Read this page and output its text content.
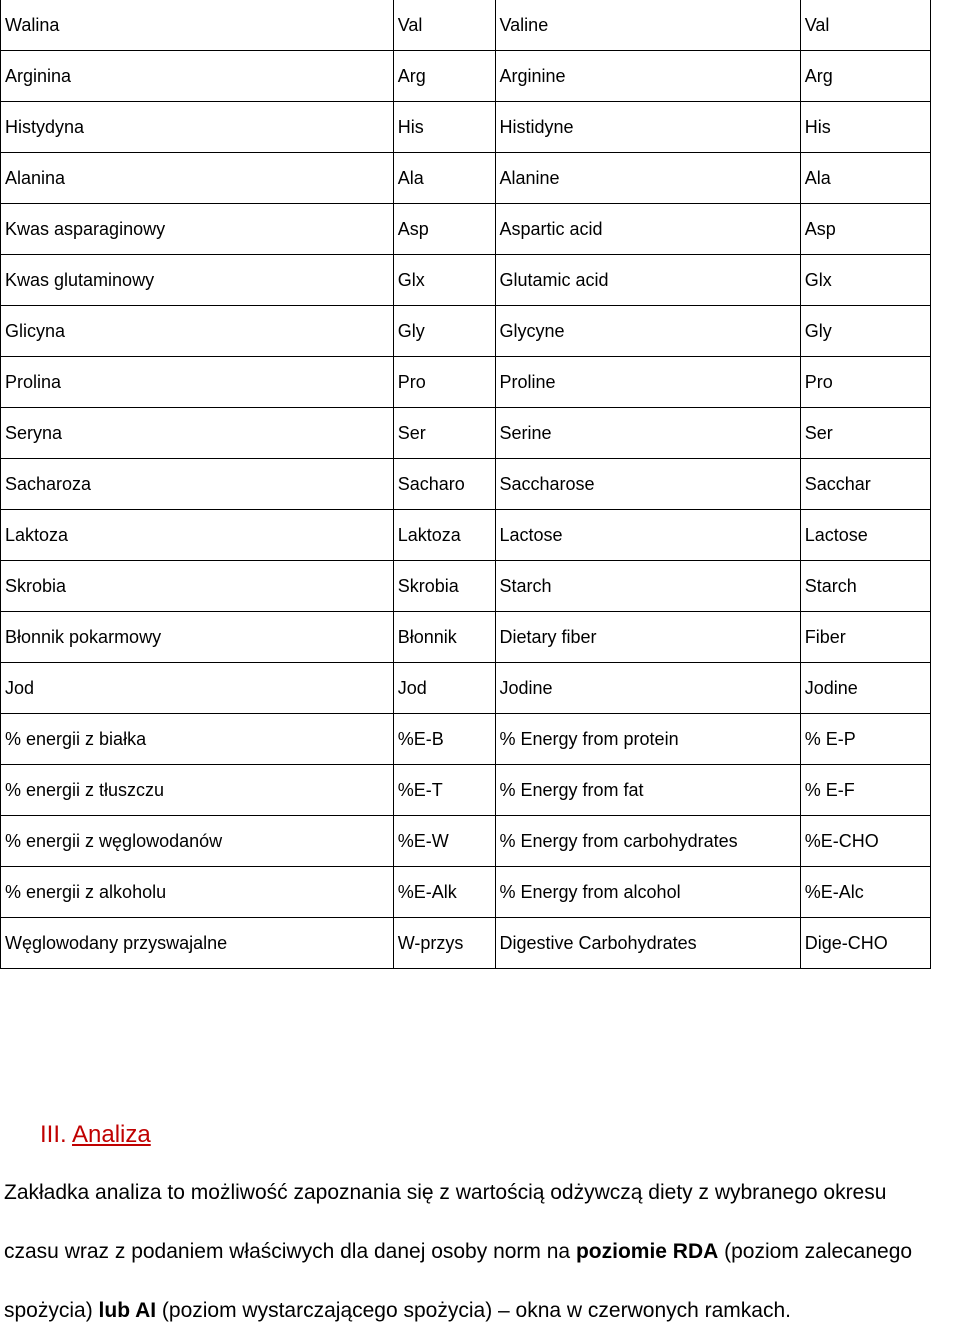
Walina	Val	Valine	Val
Arginina	Arg	Arginine	Arg
Histydyna	His	Histidyne	His
Alanina	Ala	Alanine	Ala
Kwas asparaginowy	Asp	Aspartic acid	Asp
Kwas glutaminowy	Glx	Glutamic acid	Glx
Glicyna	Gly	Glycyne	Gly
Prolina	Pro	Proline	Pro
Seryna	Ser	Serine	Ser
Sacharoza	Sacharo	Saccharose	Sacchar
Laktoza	Laktoza	Lactose	Lactose
Skrobia	Skrobia	Starch	Starch
Błonnik pokarmowy	Błonnik	Dietary fiber	Fiber
Jod	Jod	Jodine	Jodine
% energii z białka	%E-B	% Energy from protein	% E-P
% energii z tłuszczu	%E-T	% Energy from fat	% E-F
% energii z węglowodanów	%E-W	% Energy from carbohydrates	%E-CHO
% energii z alkoholu	%E-Alk	% Energy from alcohol	%E-Alc
Węglowodany przyswajalne	W-przys	Digestive Carbohydrates	Dige-CHO
III. Analiza
Zakładka analiza to możliwość zapoznania się z wartością odżywczą diety z wybranego okresu
czasu wraz z podaniem właściwych dla danej osoby norm na poziomie RDA (poziom zalecanego
spożycia) lub AI (poziom wystarczającego spożycia) – okna w czerwonych ramkach.
